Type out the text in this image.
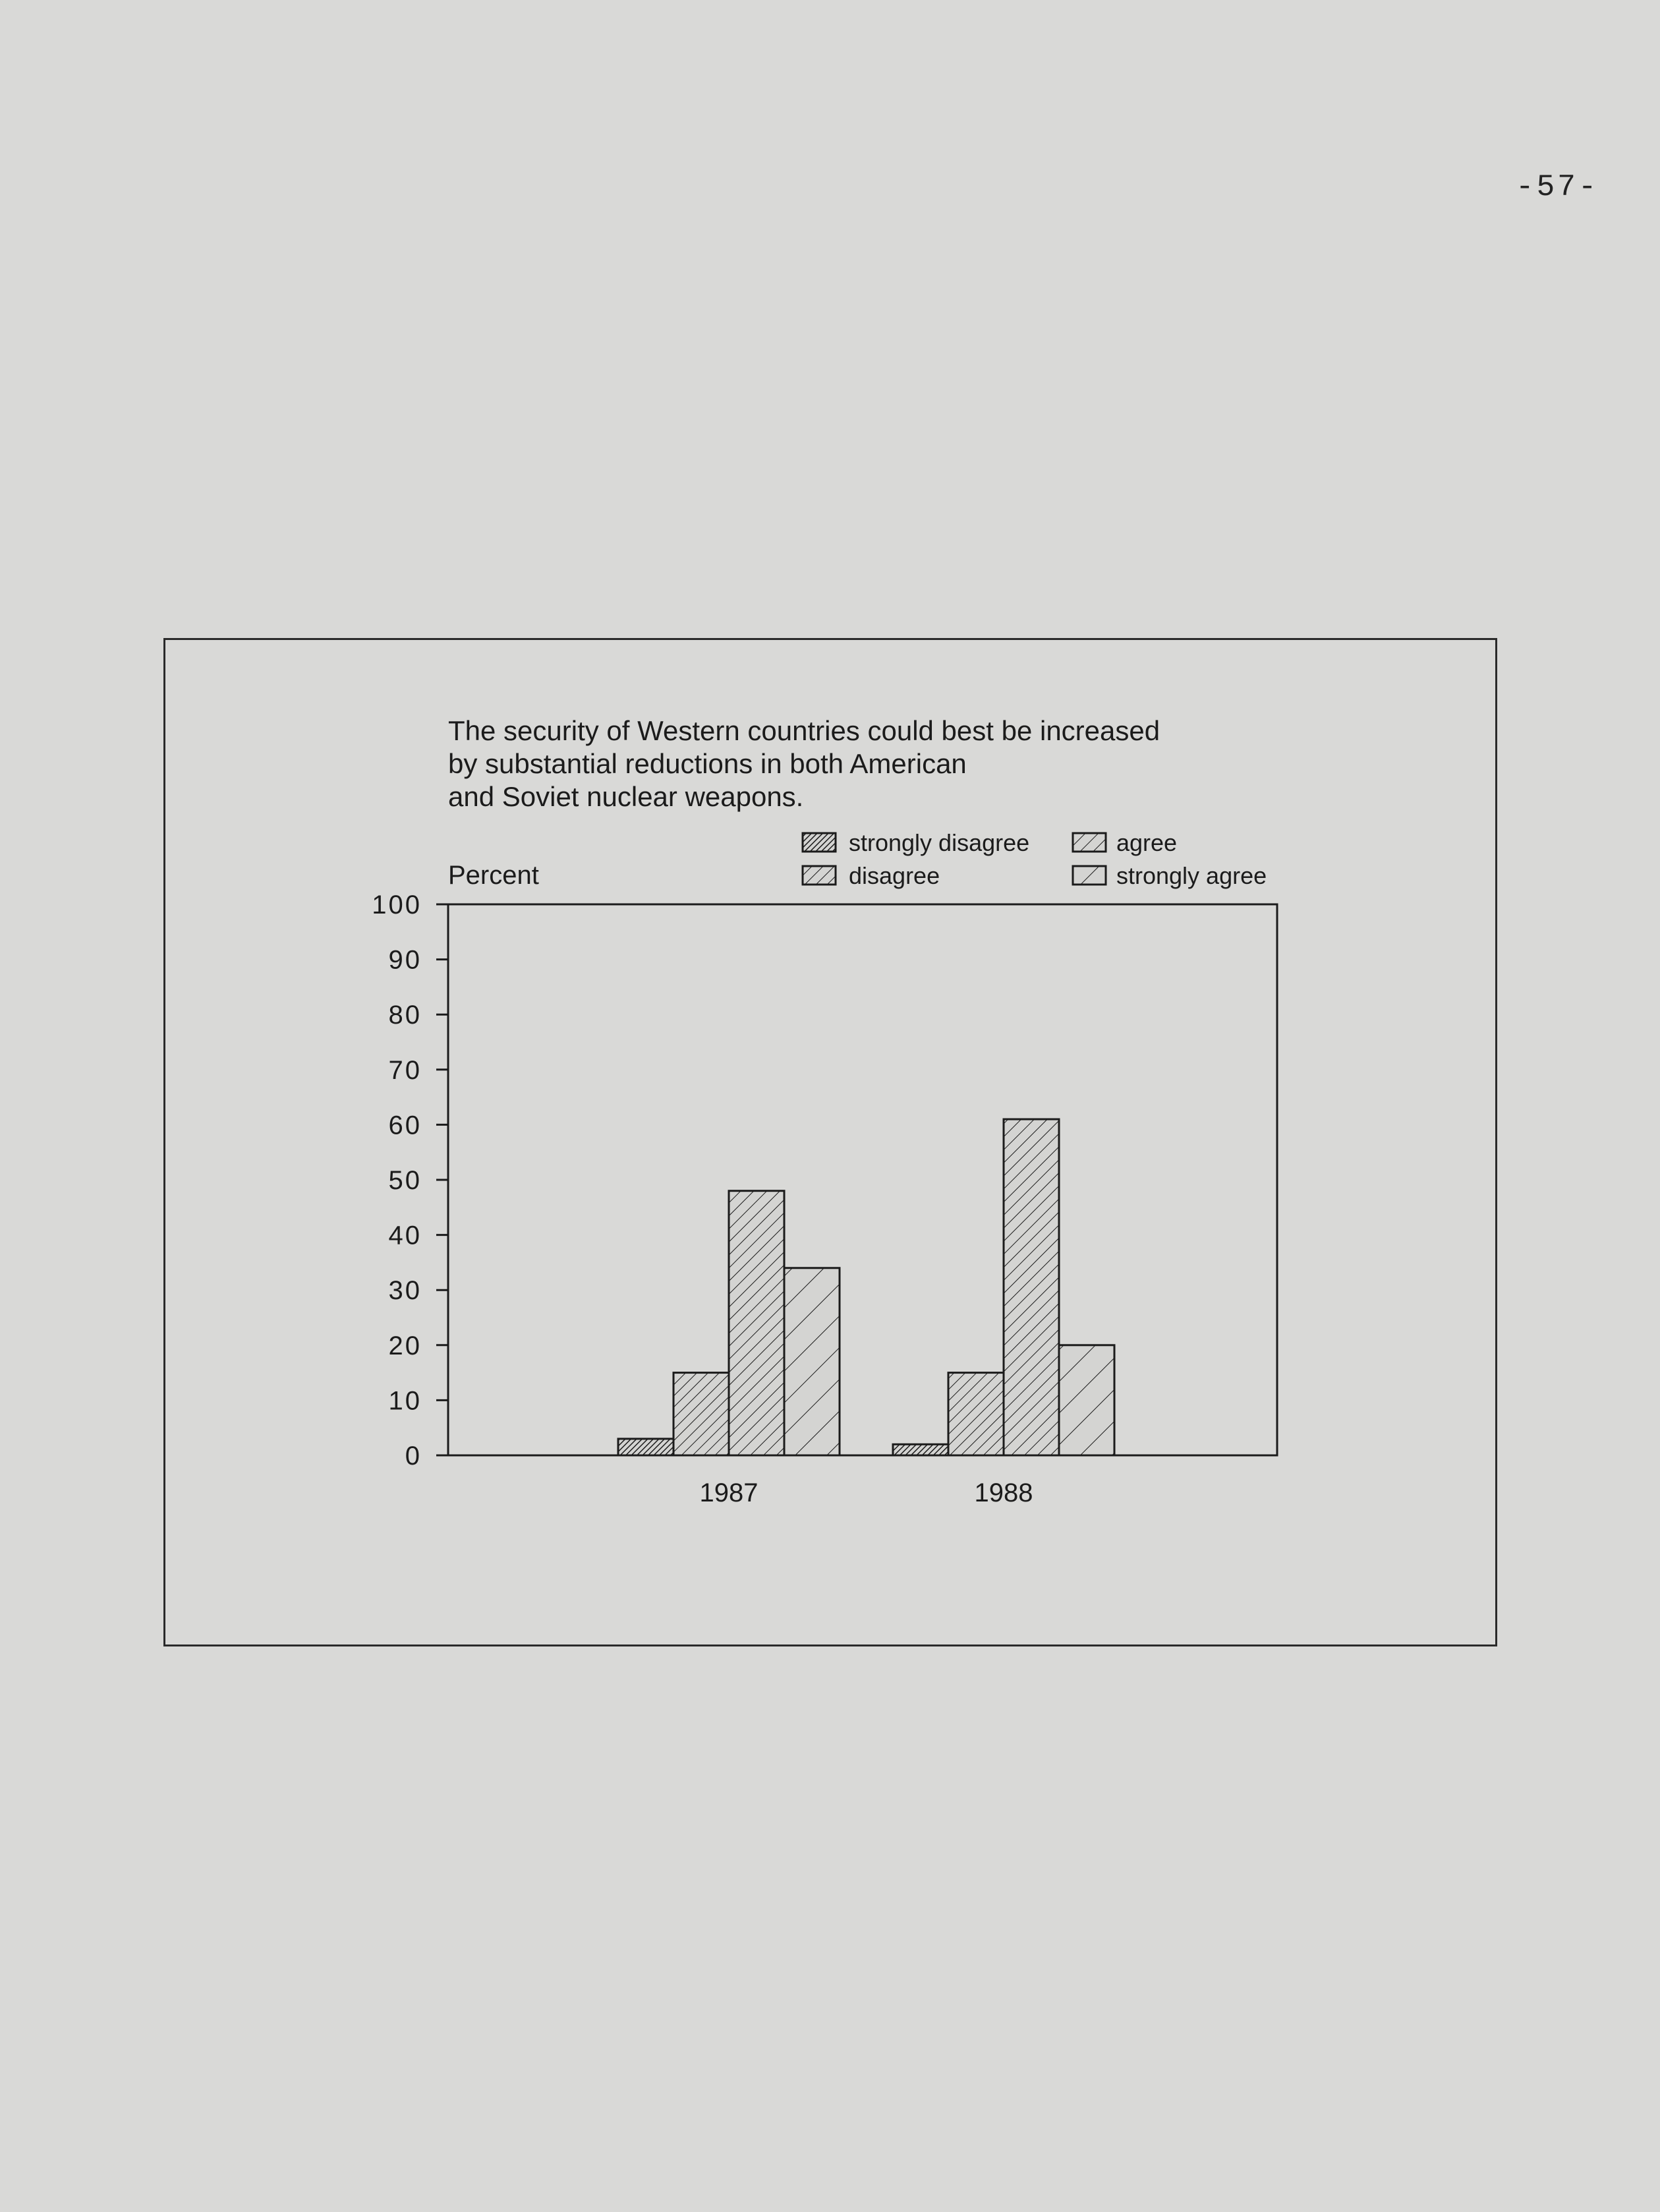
-57-
The security of Western countries could best be increased
by substantial reductions in both American
and Soviet nuclear weapons.
Percent
strongly disagree
disagree
agree
strongly agree
0
10
20
30
40
50
60
70
80
90
100
1987	1988
